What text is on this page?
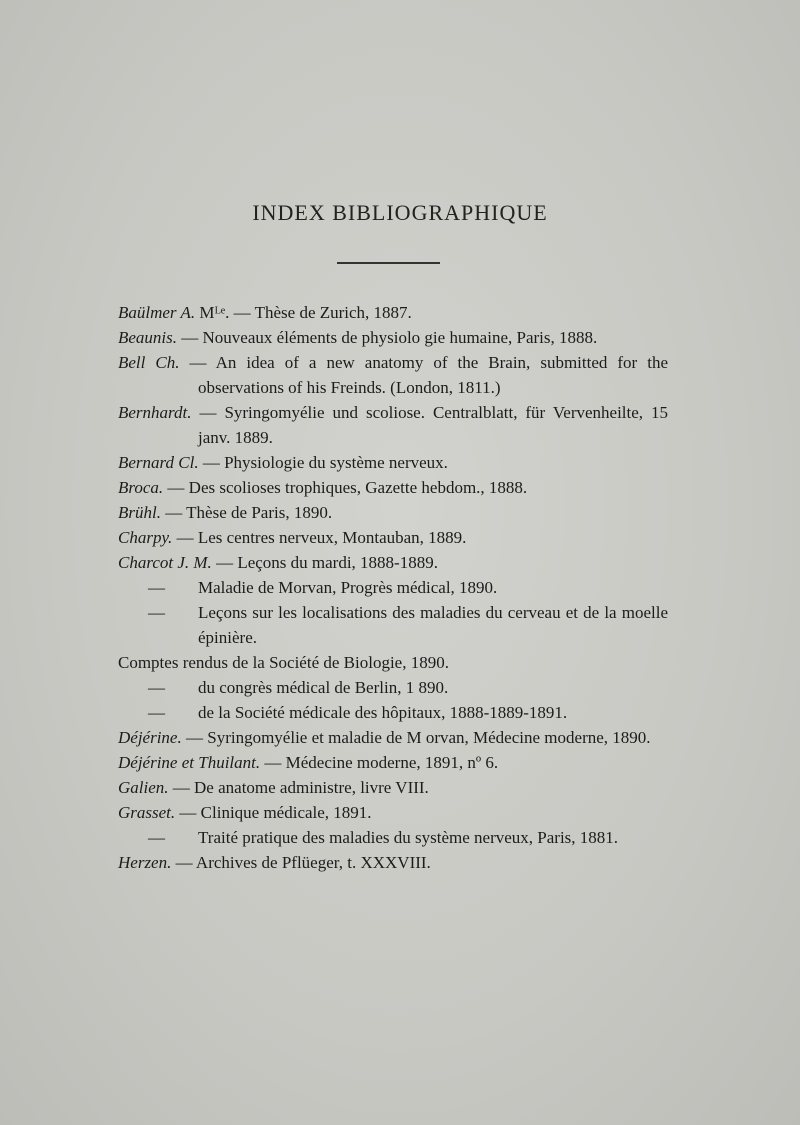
INDEX BIBLIOGRAPHIQUE
Baülmer A. Mᴸᵉ. — Thèse de Zurich, 1887.
Beaunis. — Nouveaux éléments de physiolo gie humaine, Paris, 1888.
Bell Ch. — An idea of a new anatomy of the Brain, submitted for the observations of his Freinds. (London, 1811.)
Bernhardt. — Syringomyélie und scoliose. Centralblatt, für Vervenheilte, 15 janv. 1889.
Bernard Cl. — Physiologie du système nerveux.
Broca. — Des scolioses trophiques, Gazette hebdom., 1888.
Brühl. — Thèse de Paris, 1890.
Charpy. — Les centres nerveux, Montauban, 1889.
Charcot J. M. — Leçons du mardi, 1888-1889.
— Maladie de Morvan, Progrès médical, 1890.
— Leçons sur les localisations des maladies du cerveau et de la moelle épinière.
Comptes rendus de la Société de Biologie, 1890.
— du congrès médical de Berlin, 1 890.
— de la Société médicale des hôpitaux, 1888-1889-1891.
Déjérine. — Syringomyélie et maladie de M orvan, Médecine moderne, 1890.
Déjérine et Thuilant. — Médecine moderne, 1891, nº 6.
Galien. — De anatome administre, livre VIII.
Grasset. — Clinique médicale, 1891.
— Traité pratique des maladies du système nerveux, Paris, 1881.
Herzen. — Archives de Pflüeger, t. XXXVIII.
